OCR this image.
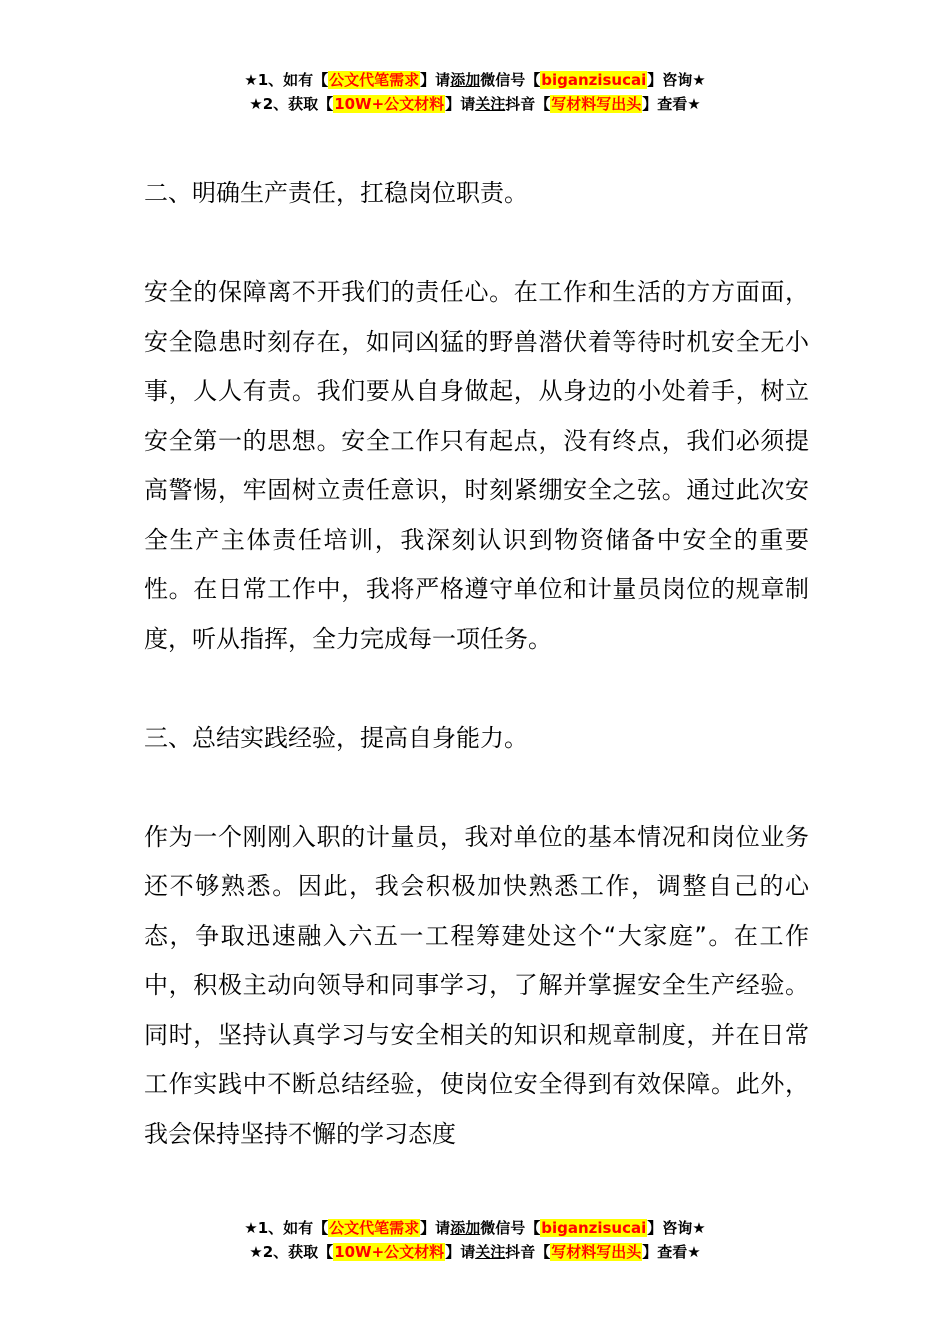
★1、如有【公文代笔需求】请添加微信号【biganzisucai】咨询★
★2、获取【10W+公文材料】请关注抖音【写材料写出头】查看★

二、明确生产责任，扛稳岗位职责。

安全的保障离不开我们的责任心。在工作和生活的方方面面，安全隐患时刻存在，如同凶猛的野兽潜伏着等待时机安全无小事，人人有责。我们要从自身做起，从身边的小处着手，树立安全第一的思想。安全工作只有起点，没有终点，我们必须提高警惕，牢固树立责任意识，时刻紧绷安全之弦。通过此次安全生产主体责任培训，我深刻认识到物资储备中安全的重要性。在日常工作中，我将严格遵守单位和计量员岗位的规章制度，听从指挥，全力完成每一项任务。

三、总结实践经验，提高自身能力。

作为一个刚刚入职的计量员，我对单位的基本情况和岗位业务还不够熟悉。因此，我会积极加快熟悉工作，调整自己的心态，争取迅速融入六五一工程筹建处这个“大家庭”。在工作中，积极主动向领导和同事学习，了解并掌握安全生产经验。同时，坚持认真学习与安全相关的知识和规章制度，并在日常工作实践中不断总结经验，使岗位安全得到有效保障。此外，我会保持坚持不懈的学习态度

★1、如有【公文代笔需求】请添加微信号【biganzisucai】咨询★
★2、获取【10W+公文材料】请关注抖音【写材料写出头】查看★
